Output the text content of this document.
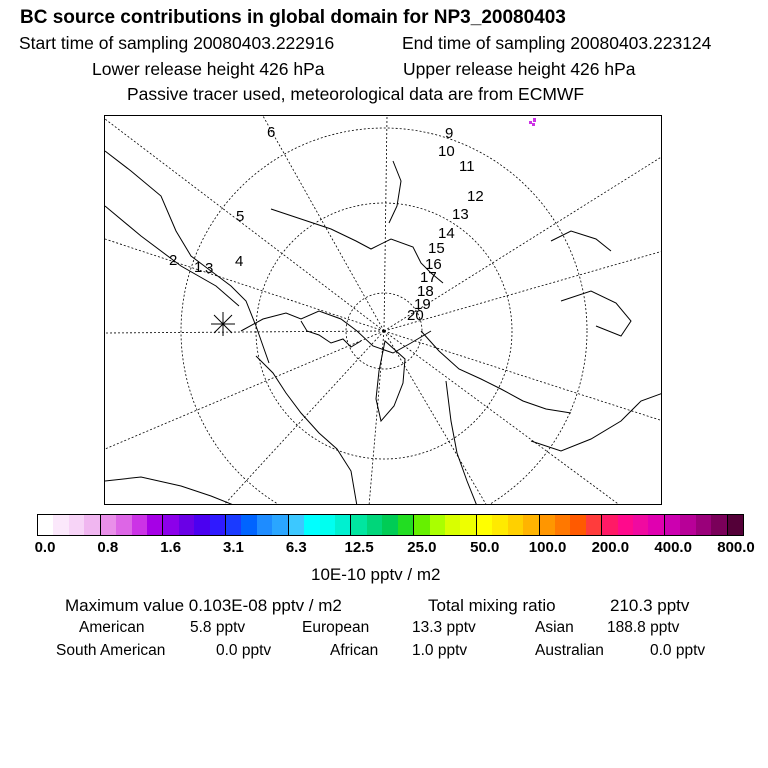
BC source contributions in global domain for NP3_20080403
Start time of sampling 20080403.222916	End time of sampling 20080403.223124
Lower release height 426 hPa	Upper release height 426 hPa
Passive tracer used, meteorological data are from ECMWF
1
2 3 4
5
6	9
10
11
12
13
14
15
16
17
18
19
20
0.0	0.8	1.6	3.1	6.3	12.5 25.0 50.0 100.0 200.0 400.0 800.0
10E-10 pptv / m2
Maximum value 0.103E-08 pptv / m2	Total mixing ratio	210.3 pptv
American	5.8 pptv	European	13.3 pptv	Asian 188.8 pptv
South American	0.0 pptv	African 1.0 pptv	Australian	0.0 pptv
